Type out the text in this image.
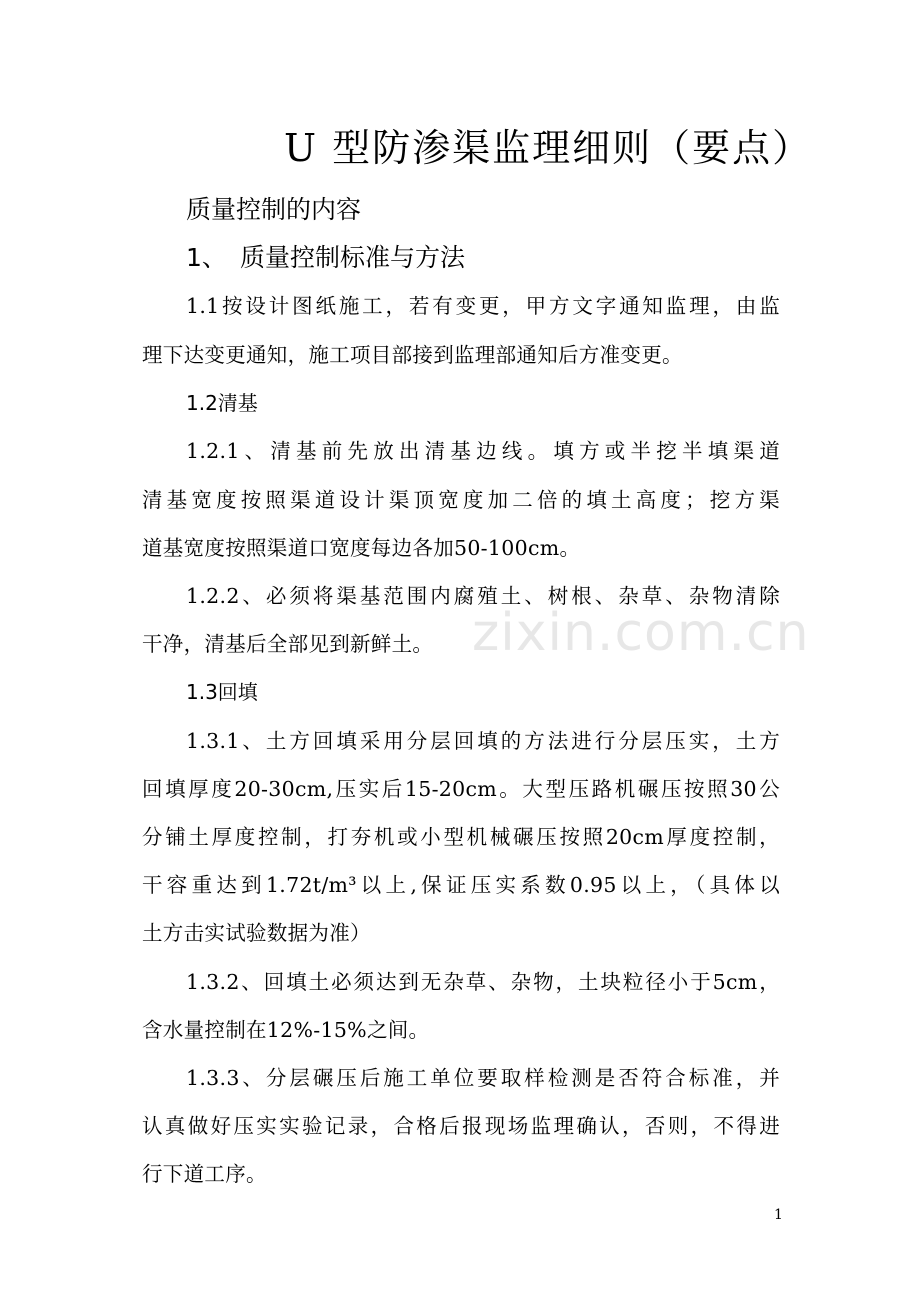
zixin.com.cn
U 型防渗渠监理细则（要点）
质量控制的内容
1、 质量控制标准与方法
1.1按设计图纸施工，若有变更，甲方文字通知监理，由监
理下达变更通知，施工项目部接到监理部通知后方准变更。
1.2清基
1.2.1、清基前先放出清基边线。填方或半挖半填渠道
清基宽度按照渠道设计渠顶宽度加二倍的填土高度；挖方渠
道基宽度按照渠道口宽度每边各加50-100cm。
1.2.2、必须将渠基范围内腐殖土、树根、杂草、杂物清除
干净，清基后全部见到新鲜土。
1.3回填
1.3.1、土方回填采用分层回填的方法进行分层压实，土方
回填厚度20-30cm,压实后15-20cm。大型压路机碾压按照30公
分铺土厚度控制，打夯机或小型机械碾压按照20cm厚度控制，
干容重达到1.72t/m³以上,保证压实系数0.95以上，（具体以
土方击实试验数据为准）
1.3.2、回填土必须达到无杂草、杂物，土块粒径小于5cm，
含水量控制在12%-15%之间。
1.3.3、分层碾压后施工单位要取样检测是否符合标准，并
认真做好压实实验记录，合格后报现场监理确认，否则，不得进
行下道工序。
1
